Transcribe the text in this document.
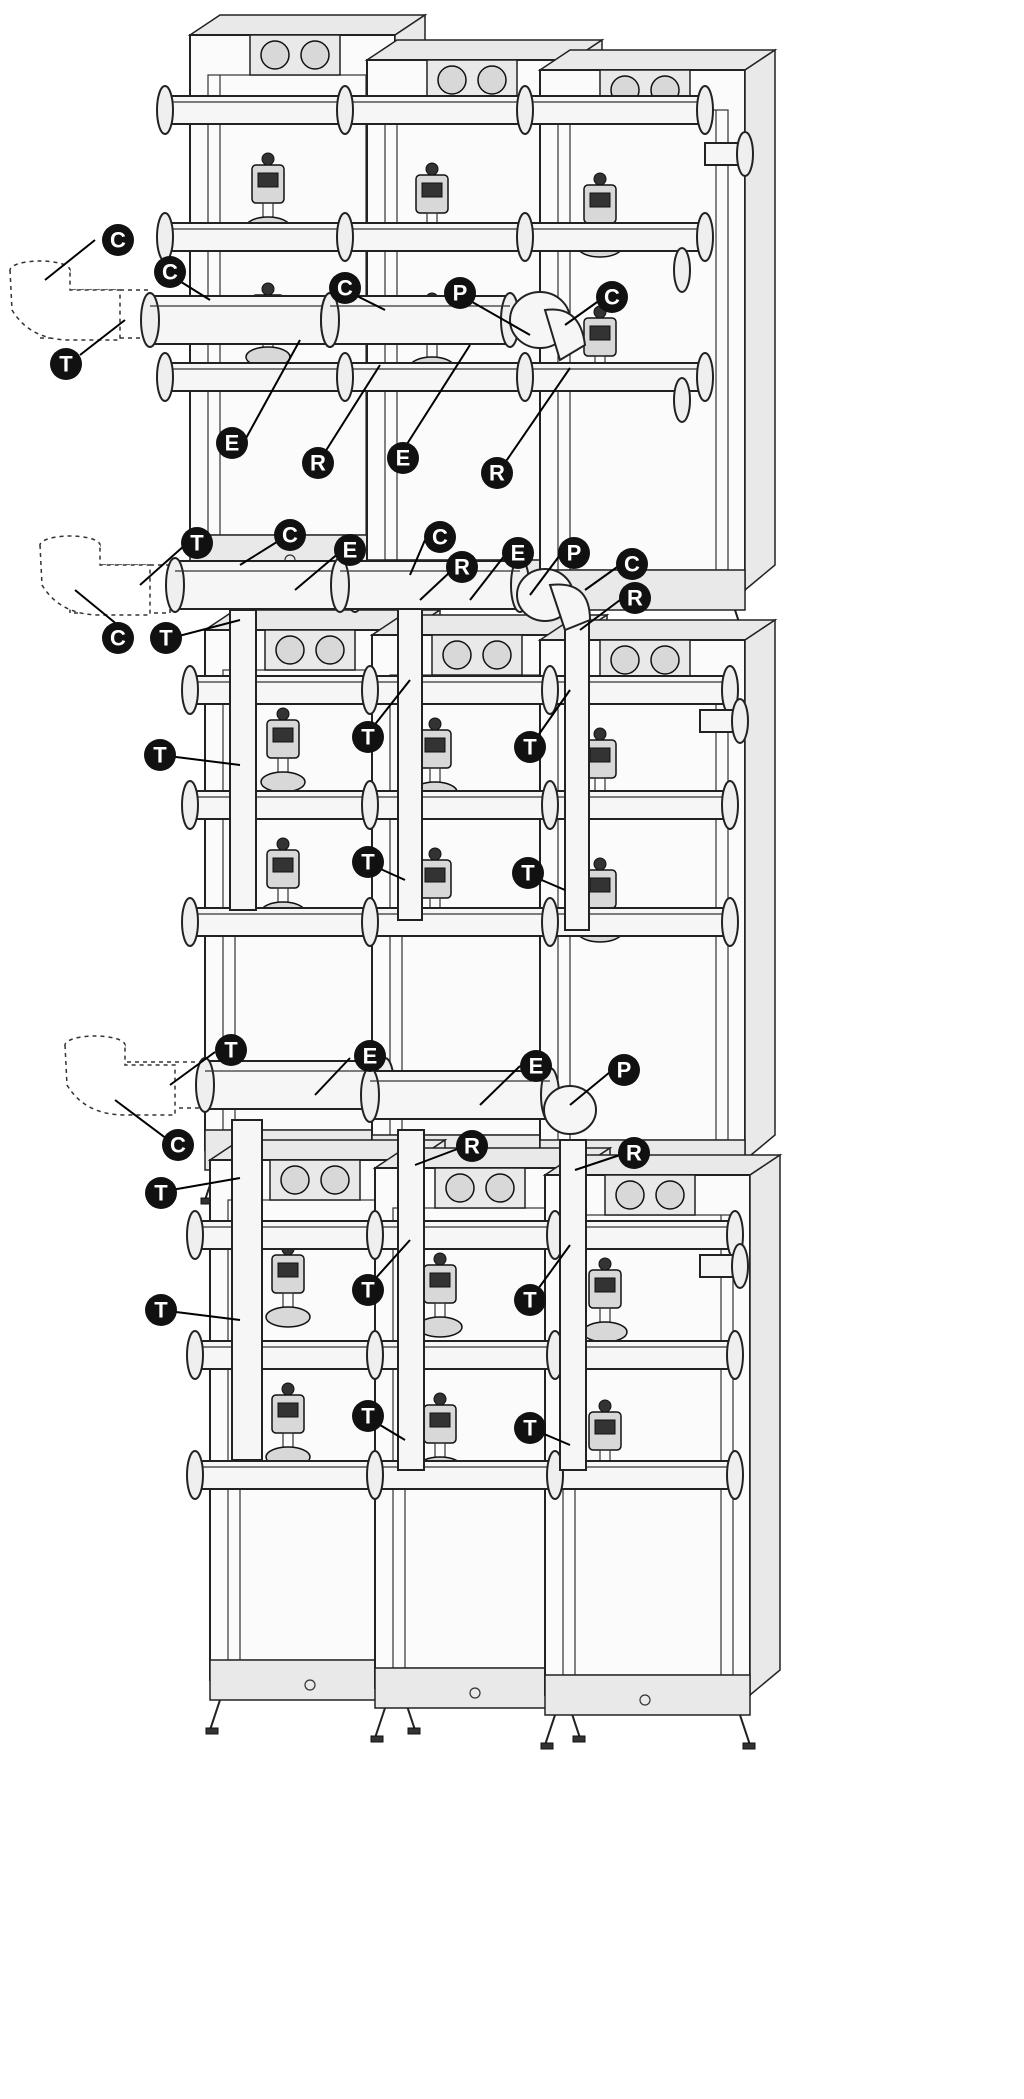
C
T
C
C	P	C
E
R	E
R
T	C
E
C
R
E P C
R
C T
T
T	T
T	T
T	E	E	P
C	R	R
T
T
T	T
T	T
